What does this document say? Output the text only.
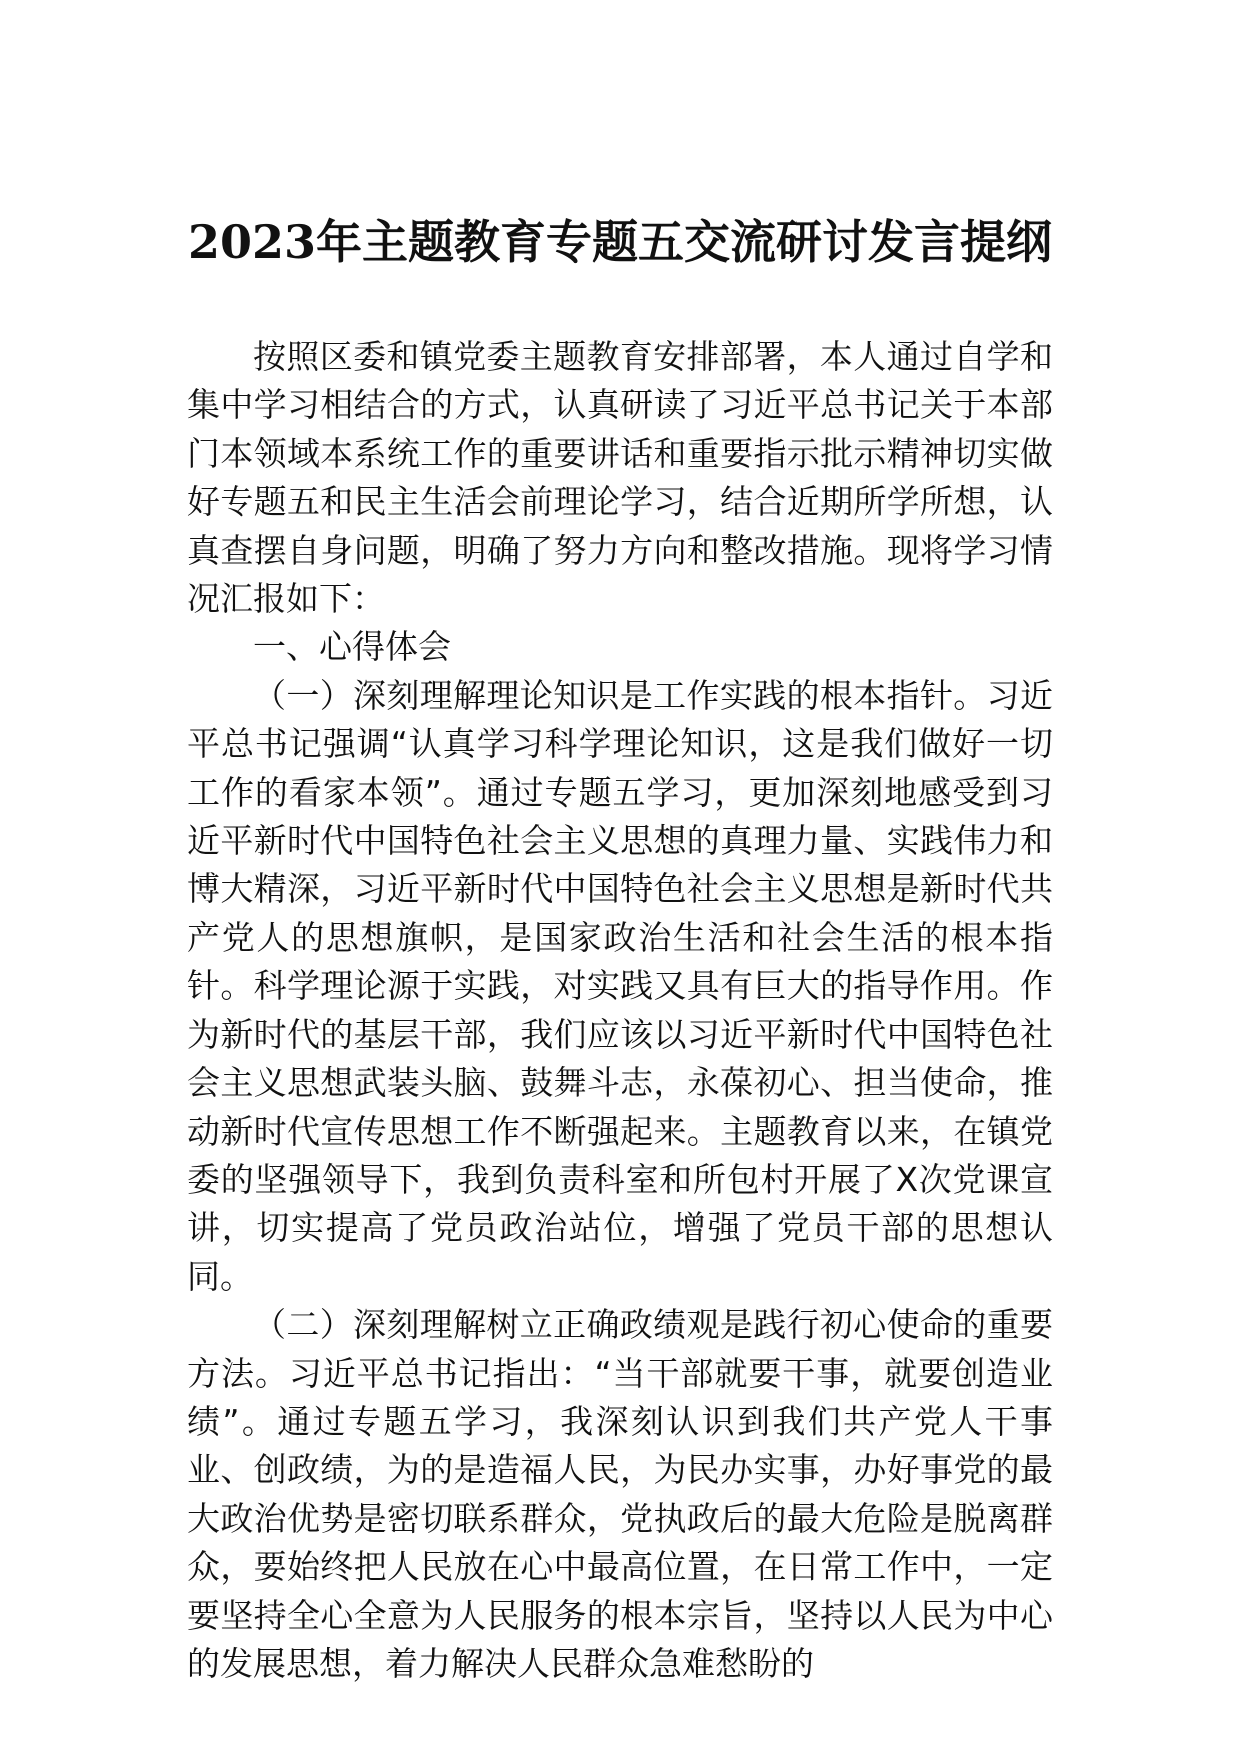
2023年主题教育专题五交流研讨发言提纲

按照区委和镇党委主题教育安排部署，本人通过自学和集中学习相结合的方式，认真研读了习近平总书记关于本部门本领域本系统工作的重要讲话和重要指示批示精神切实做好专题五和民主生活会前理论学习，结合近期所学所想，认真查摆自身问题，明确了努力方向和整改措施。现将学习情况汇报如下：

一、心得体会

（一）深刻理解理论知识是工作实践的根本指针。习近平总书记强调“认真学习科学理论知识，这是我们做好一切工作的看家本领”。通过专题五学习，更加深刻地感受到习近平新时代中国特色社会主义思想的真理力量、实践伟力和博大精深，习近平新时代中国特色社会主义思想是新时代共产党人的思想旗帜，是国家政治生活和社会生活的根本指针。科学理论源于实践，对实践又具有巨大的指导作用。作为新时代的基层干部，我们应该以习近平新时代中国特色社会主义思想武装头脑、鼓舞斗志，永葆初心、担当使命，推动新时代宣传思想工作不断强起来。主题教育以来，在镇党委的坚强领导下，我到负责科室和所包村开展了X次党课宣讲，切实提高了党员政治站位，增强了党员干部的思想认同。

（二）深刻理解树立正确政绩观是践行初心使命的重要方法。习近平总书记指出：“当干部就要干事，就要创造业绩”。通过专题五学习，我深刻认识到我们共产党人干事业、创政绩，为的是造福人民，为民办实事，办好事党的最大政治优势是密切联系群众，党执政后的最大危险是脱离群众，要始终把人民放在心中最高位置，在日常工作中，一定要坚持全心全意为人民服务的根本宗旨，坚持以人民为中心的发展思想，着力解决人民群众急难愁盼的
